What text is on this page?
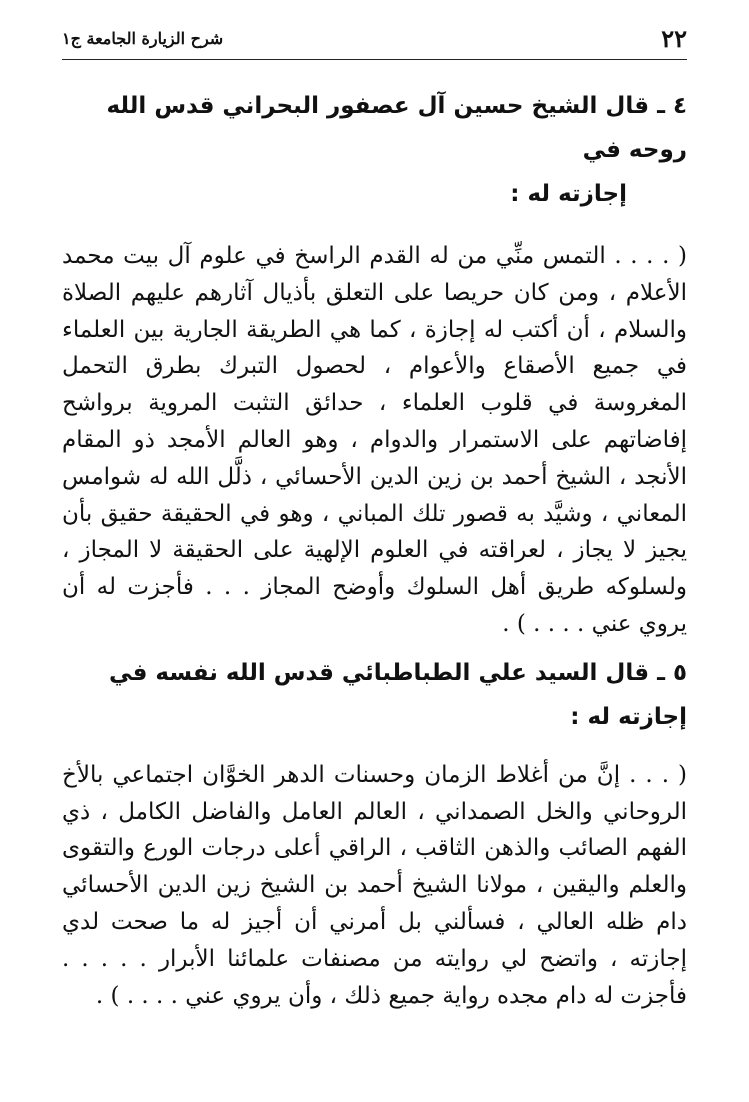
٢٢
شرح الزيارة الجامعة ج١

٤ ـ قال الشيخ حسين آل عصفور البحراني قدس الله روحه في
إجازته له :

( . . . . التمس منِّي من له القدم الراسخ في علوم آل بيت محمد الأعلام ، ومن كان حريصا على التعلق بأذيال آثارهم عليهم الصلاة والسلام ، أن أكتب له إجازة ، كما هي الطريقة الجارية بين العلماء في جميع الأصقاع والأعوام ، لحصول التبرك بطرق التحمل المغروسة في قلوب العلماء ، حدائق التثبت المروية برواشح إفاضاتهم على الاستمرار والدوام ، وهو العالم الأمجد ذو المقام الأنجد ، الشيخ أحمد بن زين الدين الأحسائي ، ذلَّل الله له شوامس المعاني ، وشيَّد به قصور تلك المباني ، وهو في الحقيقة حقيق بأن يجيز لا يجاز ، لعراقته في العلوم الإلهية على الحقيقة لا المجاز ، ولسلوكه طريق أهل السلوك وأوضح المجاز . . . فأجزت له أن يروي عني . . . . ) .

٥ ـ قال السيد علي الطباطبائي قدس الله نفسه في إجازته له :

( . . . إنَّ من أغلاط الزمان وحسنات الدهر الخوَّان اجتماعي بالأخ الروحاني والخل الصمداني ، العالم العامل والفاضل الكامل ، ذي الفهم الصائب والذهن الثاقب ، الراقي أعلى درجات الورع والتقوى والعلم واليقين ، مولانا الشيخ أحمد بن الشيخ زين الدين الأحسائي دام ظله العالي ، فسألني بل أمرني أن أجيز له ما صحت لدي إجازته ، واتضح لي روايته من مصنفات علمائنا الأبرار . . . . . فأجزت له دام مجده رواية جميع ذلك ، وأن يروي عني . . . . ) .
